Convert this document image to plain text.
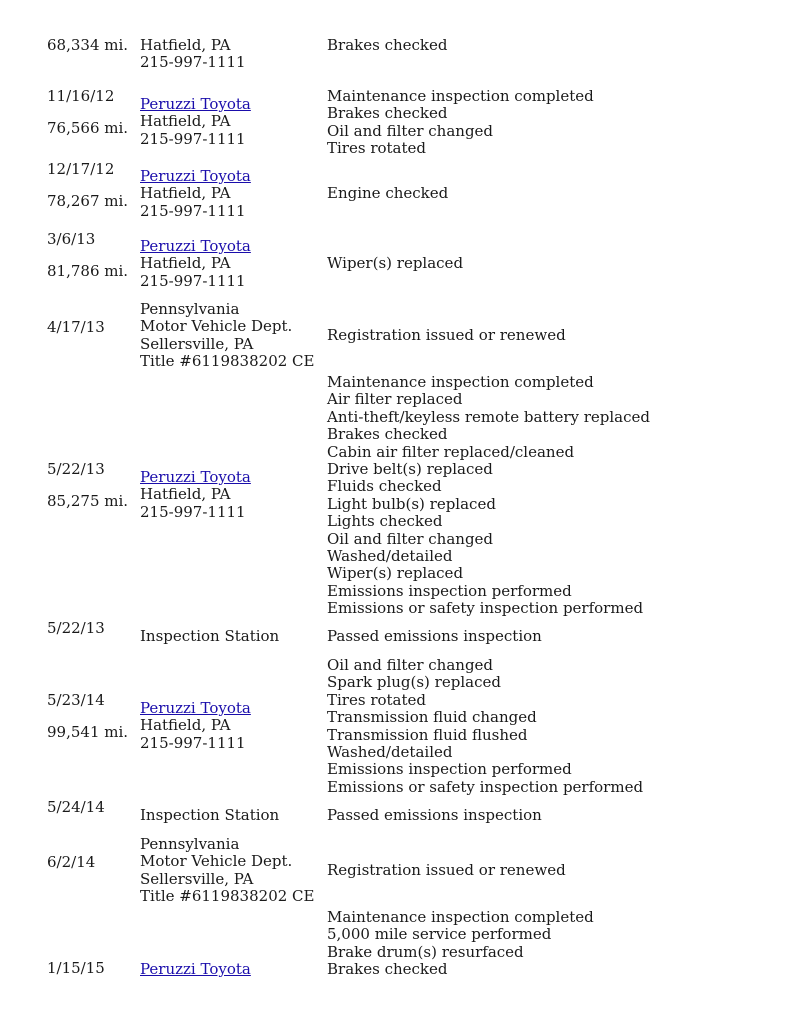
68,334 mi. Hatfield, PA
215-997-1111
Brakes checked
11/16/12
76,566 mi.
Peruzzi Toyota
Hatfield, PA
215-997-1111
Maintenance inspection completed
Brakes checked
Oil and filter changed
Tires rotated
12/17/12
78,267 mi.
Peruzzi Toyota
Hatfield, PA
215-997-1111
Engine checked
3/6/13
81,786 mi.
Peruzzi Toyota
Hatfield, PA
215-997-1111
Wiper(s) replaced
4/17/13
Pennsylvania
Motor Vehicle Dept.
Sellersville, PA
Title #6119838202 CE
Registration issued or renewed
5/22/13
85,275 mi.
Peruzzi Toyota
Hatfield, PA
215-997-1111
Maintenance inspection completed
Air filter replaced
Anti-theft/keyless remote battery replaced
Brakes checked
Cabin air filter replaced/cleaned
Drive belt(s) replaced
Fluids checked
Light bulb(s) replaced
Lights checked
Oil and filter changed
Washed/detailed
Wiper(s) replaced
Emissions inspection performed
Emissions or safety inspection performed
5/22/13 Inspection Station	Passed emissions inspection
5/23/14
99,541 mi.
Peruzzi Toyota
Hatfield, PA
215-997-1111
Oil and filter changed
Spark plug(s) replaced
Tires rotated
Transmission fluid changed
Transmission fluid flushed
Washed/detailed
Emissions inspection performed
Emissions or safety inspection performed
5/24/14 Inspection Station	Passed emissions inspection
6/2/14
Pennsylvania
Motor Vehicle Dept.
Sellersville, PA
Title #6119838202 CE
Registration issued or renewed
1/15/15 Peruzzi Toyota
Maintenance inspection completed
5,000 mile service performed
Brake drum(s) resurfaced
Brakes checked
